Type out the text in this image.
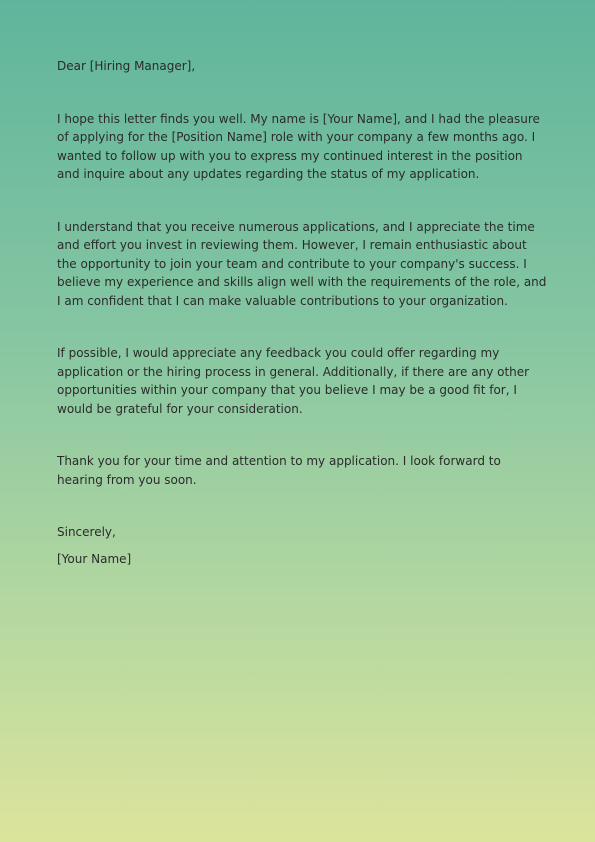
Dear [Hiring Manager],

I hope this letter finds you well. My name is [Your Name], and I had the pleasure of applying for the [Position Name] role with your company a few months ago. I wanted to follow up with you to express my continued interest in the position and inquire about any updates regarding the status of my application.

I understand that you receive numerous applications, and I appreciate the time and effort you invest in reviewing them. However, I remain enthusiastic about the opportunity to join your team and contribute to your company's success. I believe my experience and skills align well with the requirements of the role, and I am confident that I can make valuable contributions to your organization.

If possible, I would appreciate any feedback you could offer regarding my application or the hiring process in general. Additionally, if there are any other opportunities within your company that you believe I may be a good fit for, I would be grateful for your consideration.

Thank you for your time and attention to my application. I look forward to hearing from you soon.

Sincerely,

[Your Name]
